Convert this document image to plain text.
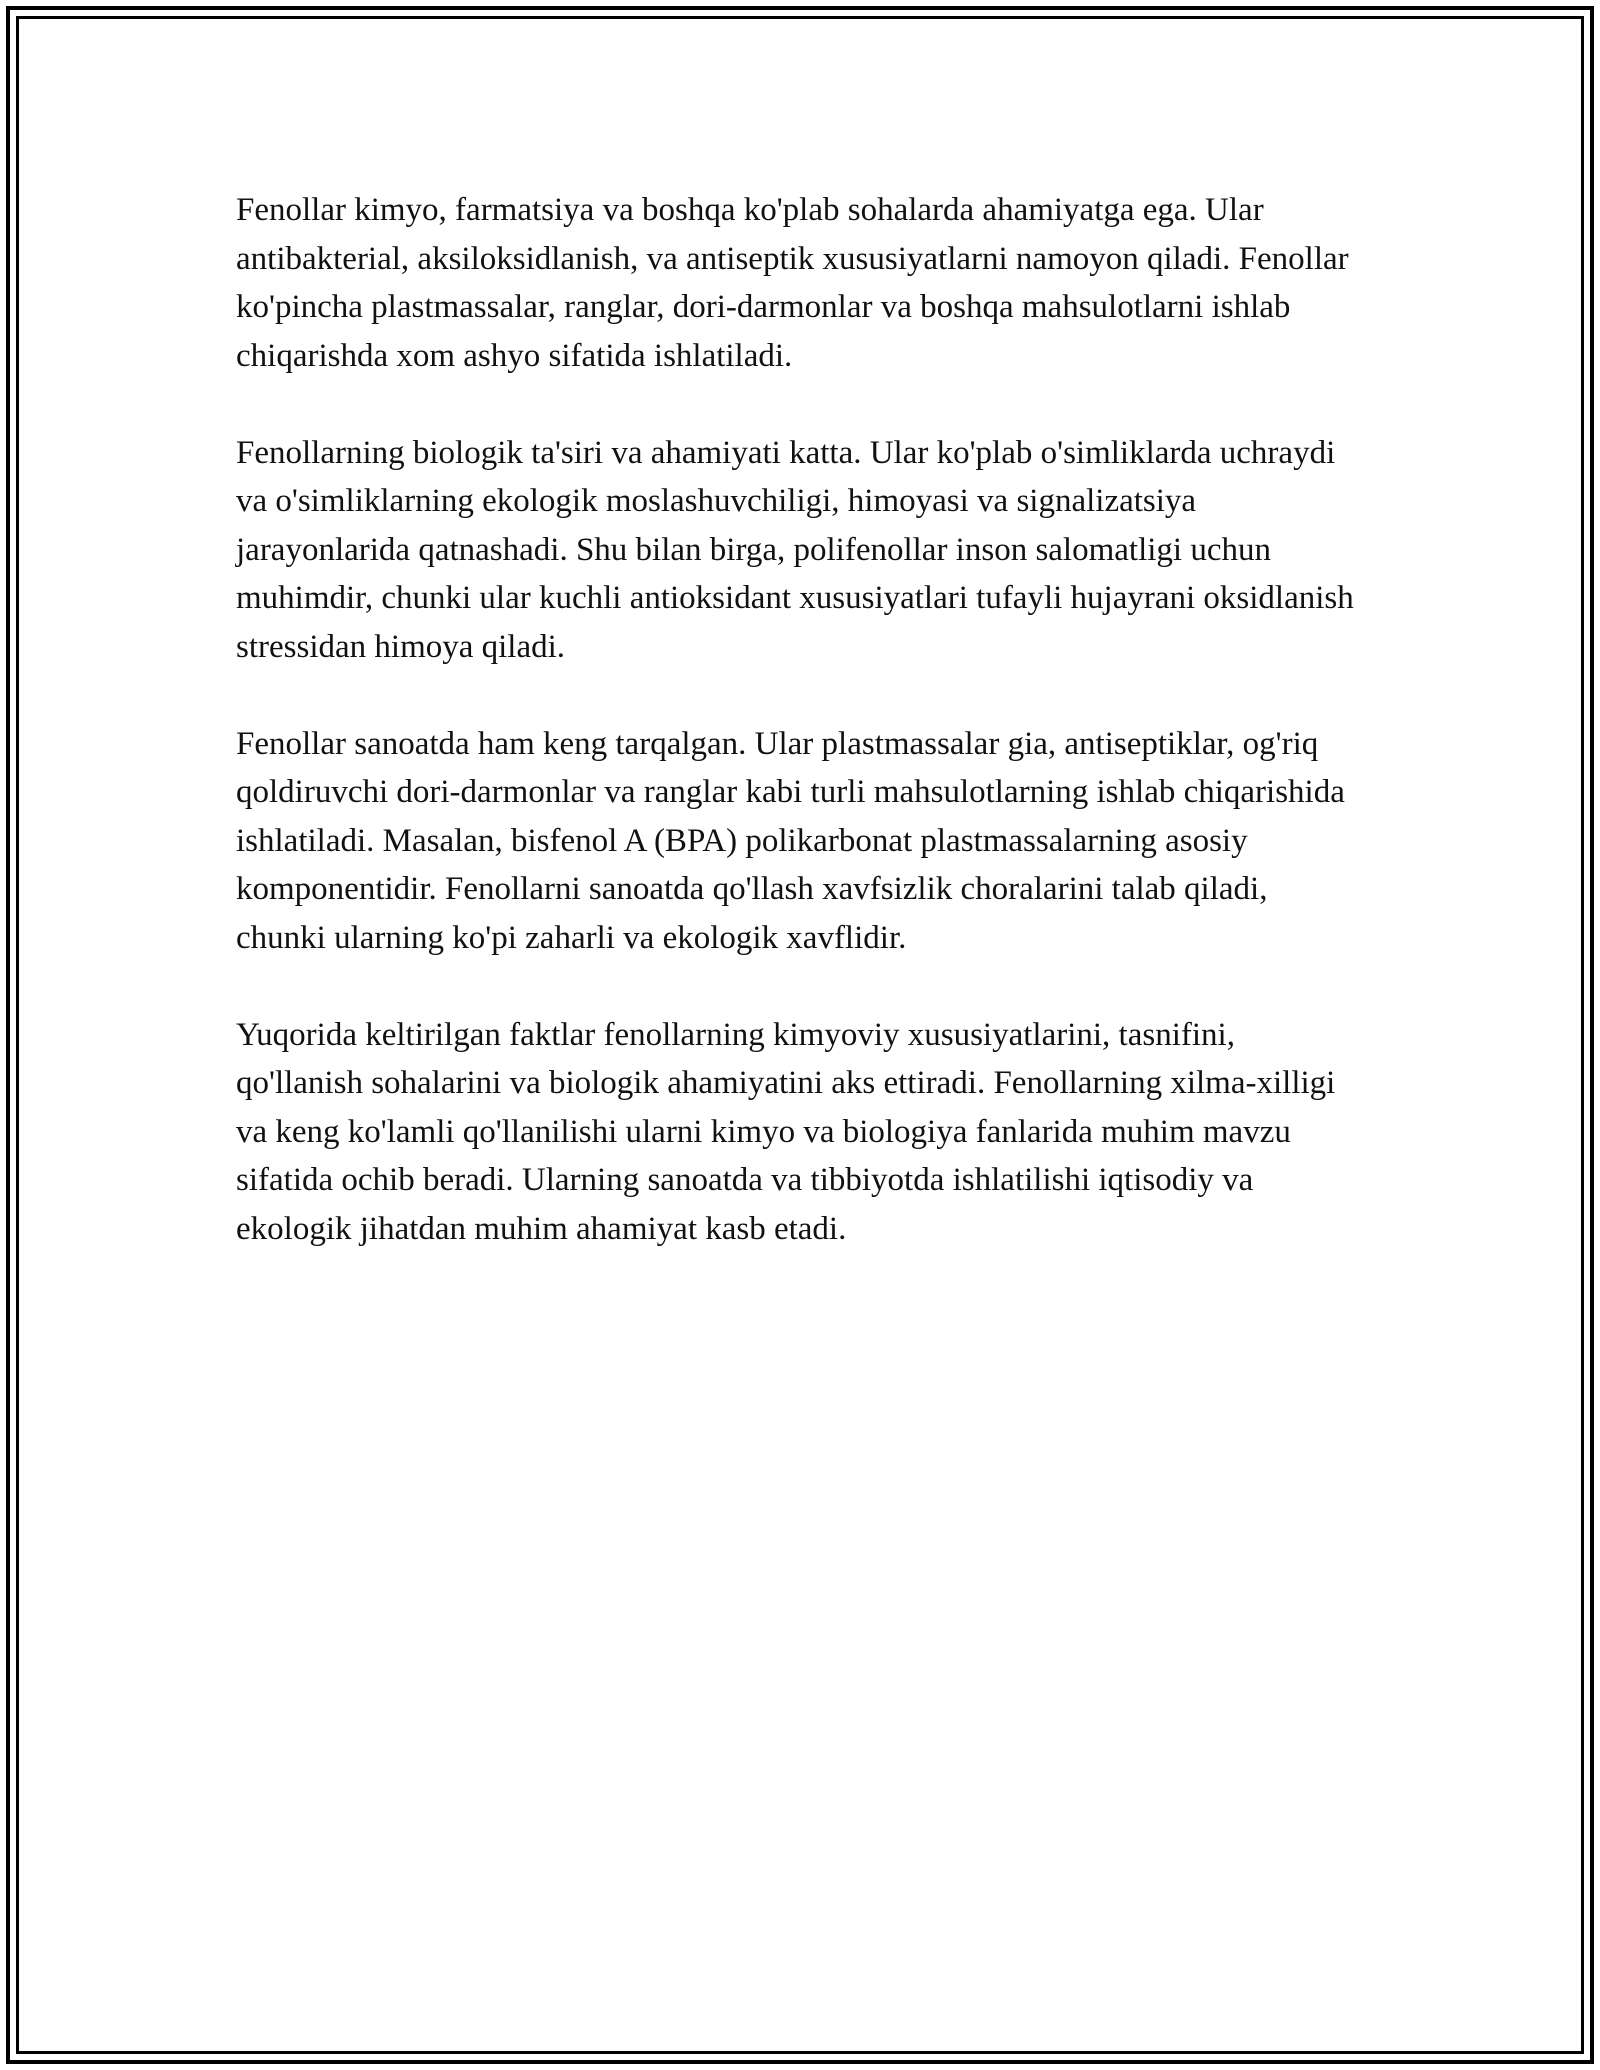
Fenollar kimyo, farmatsiya va boshqa ko'plab sohalarda ahamiyatga ega. Ular antibakterial, aksiloksidlanish, va antiseptik xususiyatlarni namoyon qiladi. Fenollar ko'pincha plastmassalar, ranglar, dori-darmonlar va boshqa mahsulotlarni ishlab chiqarishda xom ashyo sifatida ishlatiladi.

Fenollarning biologik ta'siri va ahamiyati katta. Ular ko'plab o'simliklarda uchraydi va o'simliklarning ekologik moslashuvchiligi, himoyasi va signalizatsiya jarayonlarida qatnashadi. Shu bilan birga, polifenollar inson salomatligi uchun muhimdir, chunki ular kuchli antioksidant xususiyatlari tufayli hujayrani oksidlanish stressidan himoya qiladi.

Fenollar sanoatda ham keng tarqalgan. Ular plastmassalar gia, antiseptiklar, og'riq qoldiruvchi dori-darmonlar va ranglar kabi turli mahsulotlarning ishlab chiqarishida ishlatiladi. Masalan, bisfenol A (BPA) polikarbonat plastmassalarning asosiy komponentidir. Fenollarni sanoatda qo'llash xavfsizlik choralarini talab qiladi, chunki ularning ko'pi zaharli va ekologik xavflidir.

Yuqorida keltirilgan faktlar fenollarning kimyoviy xususiyatlarini, tasnifini, qo'llanish sohalarini va biologik ahamiyatini aks ettiradi. Fenollarning xilma-xilligi va keng ko'lamli qo'llanilishi ularni kimyo va biologiya fanlarida muhim mavzu sifatida ochib beradi. Ularning sanoatda va tibbiyotda ishlatilishi iqtisodiy va ekologik jihatdan muhim ahamiyat kasb etadi.
